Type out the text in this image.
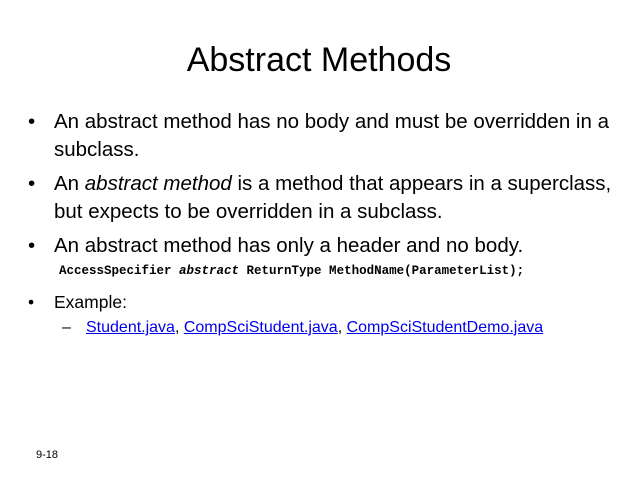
Abstract Methods
• An abstract method has no body and must be overridden in a subclass.
• An abstract method is a method that appears in a superclass, but expects to be overridden in a subclass.
• An abstract method has only a header and no body.
AccessSpecifier abstract ReturnType MethodName(ParameterList);
• Example:
– Student.java, CompSciStudent.java, CompSciStudentDemo.java
9-18
